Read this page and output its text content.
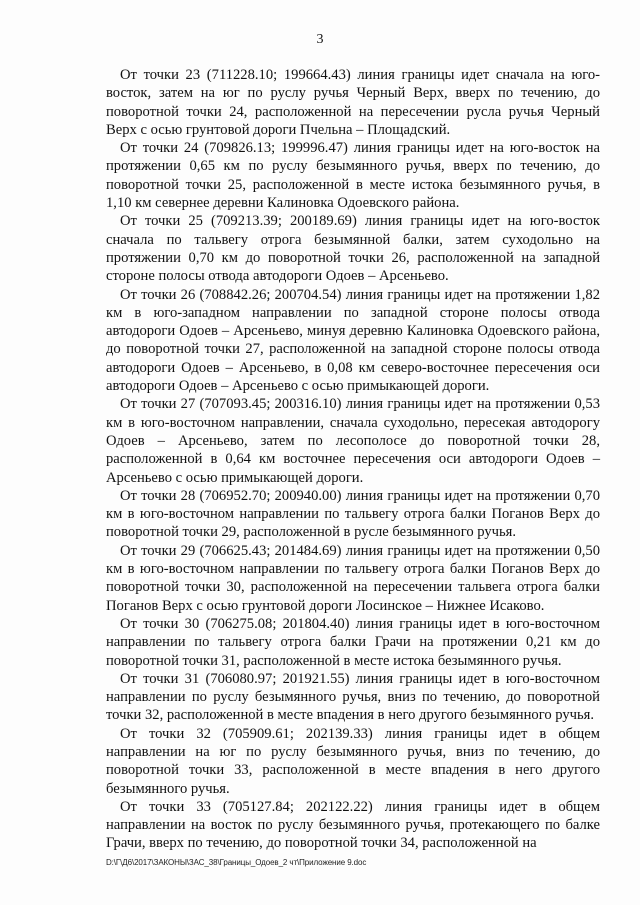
3

От точки 23 (711228.10; 199664.43) линия границы идет сначала на юго-восток, затем на юг по руслу ручья Черный Верх, вверх по течению, до поворотной точки 24, расположенной на пересечении русла ручья Черный Верх с осью грунтовой дороги Пчельна – Площадский.

От точки 24 (709826.13; 199996.47) линия границы идет на юго-восток на протяжении 0,65 км по руслу безымянного ручья, вверх по течению, до поворотной точки 25, расположенной в месте истока безымянного ручья, в 1,10 км севернее деревни Калиновка Одоевского района.

От точки 25 (709213.39; 200189.69) линия границы идет на юго-восток сначала по тальвегу отрога безымянной балки, затем суходольно на протяжении 0,70 км до поворотной точки 26, расположенной на западной стороне полосы отвода автодороги Одоев – Арсеньево.

От точки 26 (708842.26; 200704.54) линия границы идет на протяжении 1,82 км в юго-западном направлении по западной стороне полосы отвода автодороги Одоев – Арсеньево, минуя деревню Калиновка Одоевского района, до поворотной точки 27, расположенной на западной стороне полосы отвода автодороги Одоев – Арсеньево, в 0,08 км северо-восточнее пересечения оси автодороги Одоев – Арсеньево с осью примыкающей дороги.

От точки 27 (707093.45; 200316.10) линия границы идет на протяжении 0,53 км в юго-восточном направлении, сначала суходольно, пересекая автодорогу Одоев – Арсеньево, затем по лесополосе до поворотной точки 28, расположенной в 0,64 км восточнее пересечения оси автодороги Одоев – Арсеньево с осью примыкающей дороги.

От точки 28 (706952.70; 200940.00) линия границы идет на протяжении 0,70 км в юго-восточном направлении по тальвегу отрога балки Поганов Верх до поворотной точки 29, расположенной в русле безымянного ручья.

От точки 29 (706625.43; 201484.69) линия границы идет на протяжении 0,50 км в юго-восточном направлении по тальвегу отрога балки Поганов Верх до поворотной точки 30, расположенной на пересечении тальвега отрога балки Поганов Верх с осью грунтовой дороги Лосинское – Нижнее Исаково.

От точки 30 (706275.08; 201804.40) линия границы идет в юго-восточном направлении по тальвегу отрога балки Грачи на протяжении 0,21 км до поворотной точки 31, расположенной в месте истока безымянного ручья.

От точки 31 (706080.97; 201921.55) линия границы идет в юго-восточном направлении по руслу безымянного ручья, вниз по течению, до поворотной точки 32, расположенной в месте впадения в него другого безымянного ручья.

От точки 32 (705909.61; 202139.33) линия границы идет в общем направлении на юг по руслу безымянного ручья, вниз по течению, до поворотной точки 33, расположенной в месте впадения в него другого безымянного ручья.

От точки 33 (705127.84; 202122.22) линия границы идет в общем направлении на восток по руслу безымянного ручья, протекающего по балке Грачи, вверх по течению, до поворотной точки 34, расположенной на

D:\Г\Д6\2017\ЗАКОНЫ\ЗАС_38\Границы_Одоев_2 чт\Приложение 9.doc
